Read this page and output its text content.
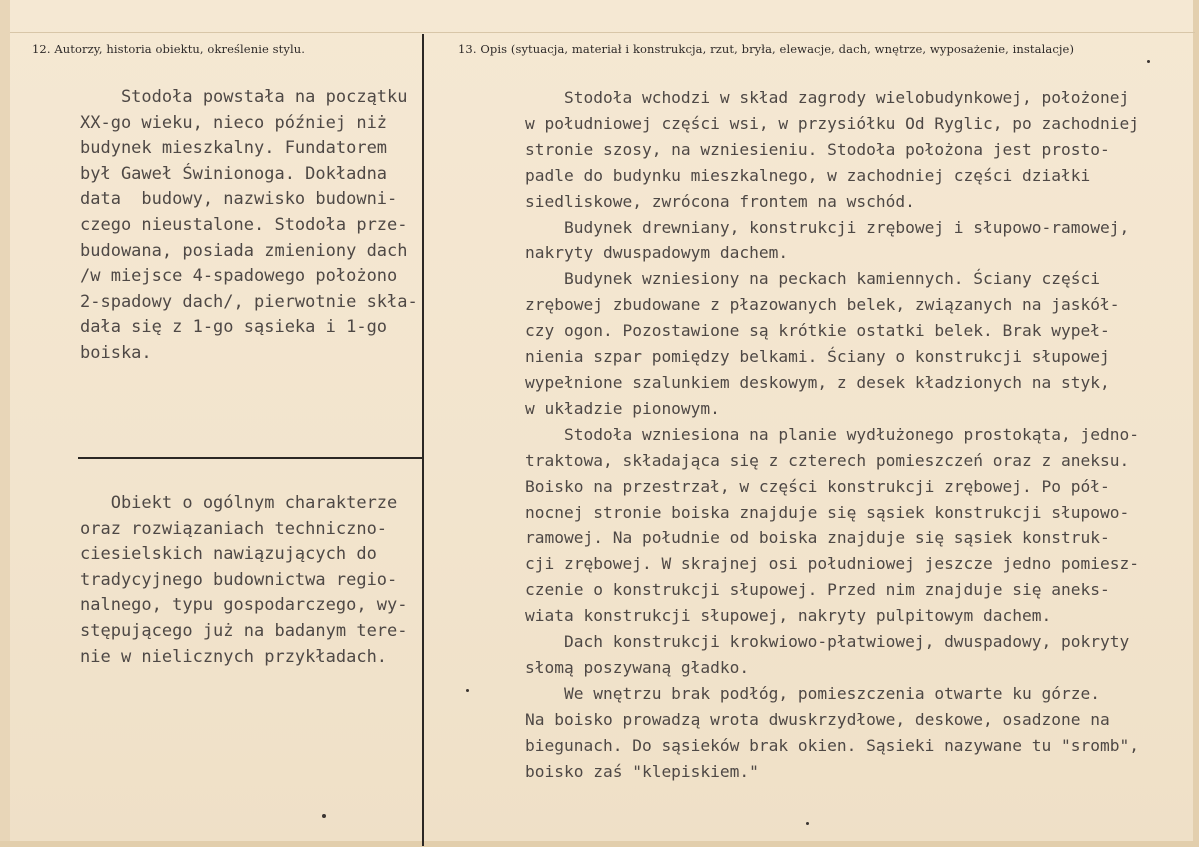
12. Autorzy, historia obiektu, określenie stylu.	13. Opis (sytuacja, materiał i konstrukcja, rzut, bryła, elewacje, dach, wnętrze, wyposażenie, instalacje)
Stodoła powstała na początku
XX-go wieku, nieco później niż
budynek mieszkalny. Fundatorem
był Gaweł Świnionoga. Dokładna
data  budowy, nazwisko budowni-
czego nieustalone. Stodoła prze-
budowana, posiada zmieniony dach
/w miejsce 4-spadowego położono
2-spadowy dach/, pierwotnie skła-
dała się z 1-go sąsieka i 1-go
boiska.
Obiekt o ogólnym charakterze
oraz rozwiązaniach techniczno-
ciesielskich nawiązujących do
tradycyjnego budownictwa regio-
nalnego, typu gospodarczego, wy-
stępującego już na badanym tere-
nie w nielicznych przykładach.
Stodoła wchodzi w skład zagrody wielobudynkowej, położonej
w południowej części wsi, w przysiółku Od Ryglic, po zachodniej
stronie szosy, na wzniesieniu. Stodoła położona jest prosto-
padle do budynku mieszkalnego, w zachodniej części działki
siedliskowe, zwrócona frontem na wschód.
Budynek drewniany, konstrukcji zrębowej i słupowo-ramowej,
nakryty dwuspadowym dachem.
Budynek wzniesiony na peckach kamiennych. Ściany części
zrębowej zbudowane z płazowanych belek, związanych na jaskół-
czy ogon. Pozostawione są krótkie ostatki belek. Brak wypeł-
nienia szpar pomiędzy belkami. Ściany o konstrukcji słupowej
wypełnione szalunkiem deskowym, z desek kładzionych na styk,
w układzie pionowym.
Stodoła wzniesiona na planie wydłużonego prostokąta, jedno-
traktowa, składająca się z czterech pomieszczeń oraz z aneksu.
Boisko na przestrzał, w części konstrukcji zrębowej. Po pół-
nocnej stronie boiska znajduje się sąsiek konstrukcji słupowo-
ramowej. Na południe od boiska znajduje się sąsiek konstruk-
cji zrębowej. W skrajnej osi południowej jeszcze jedno pomiesz-
czenie o konstrukcji słupowej. Przed nim znajduje się aneks-
wiata konstrukcji słupowej, nakryty pulpitowym dachem.
Dach konstrukcji krokwiowo-płatwiowej, dwuspadowy, pokryty
słomą poszywaną gładko.
We wnętrzu brak podłóg, pomieszczenia otwarte ku górze.
Na boisko prowadzą wrota dwuskrzydłowe, deskowe, osadzone na
biegunach. Do sąsieków brak okien. Sąsieki nazywane tu "sromb",
boisko zaś "klepiskiem."
